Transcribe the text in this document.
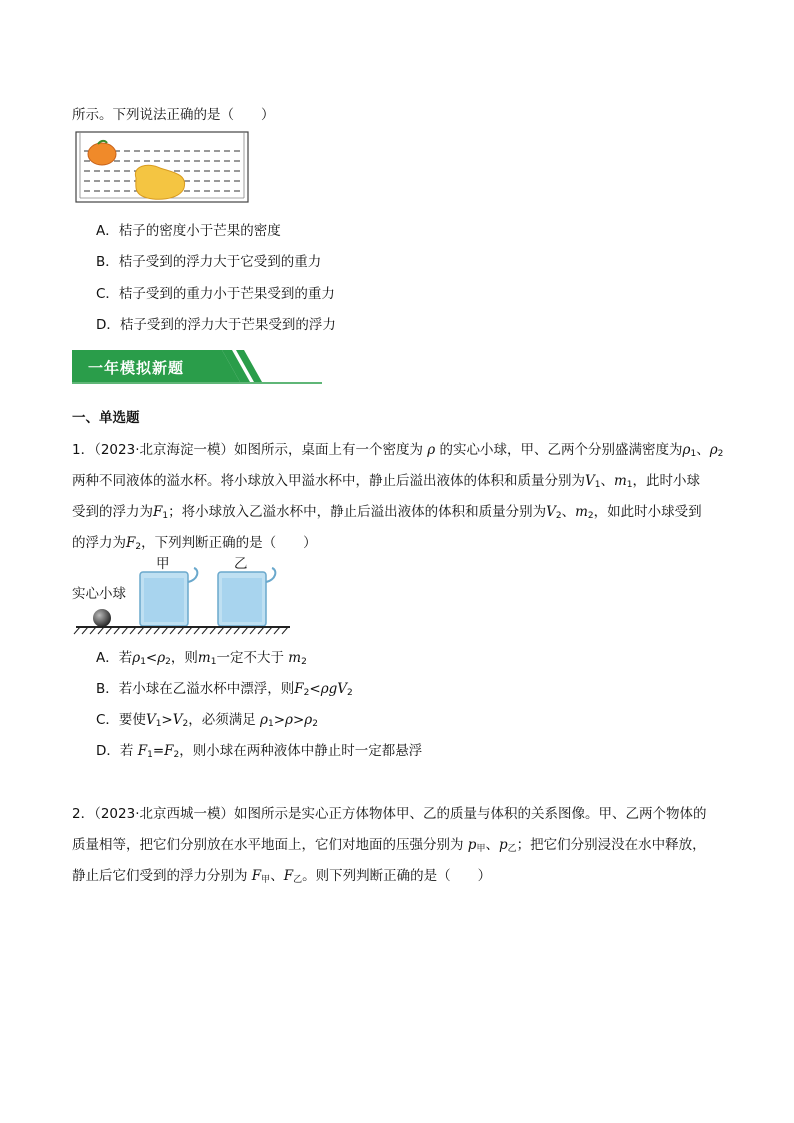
所示。下列说法正确的是（　　）
A．桔子的密度小于芒果的密度
B．桔子受到的浮力大于它受到的重力
C．桔子受到的重力小于芒果受到的重力
D．桔子受到的浮力大于芒果受到的浮力
一年模拟新题
一、单选题
1．（2023·北京海淀一模）如图所示，桌面上有一个密度为 ρ 的实心小球，甲、乙两个分别盛满密度为$\rho_1$、$\rho_2$
两种不同液体的溢水杯。将小球放入甲溢水杯中，静止后溢出液体的体积和质量分别为$V_1$、$m_1$，此时小球
受到的浮力为$F_1$；将小球放入乙溢水杯中，静止后溢出液体的体积和质量分别为$V_2$、$m_2$，如此时小球受到
的浮力为$F_2$，下列判断正确的是（　　）
甲	乙
实心小球
A．若$\rho_1<\rho_2$，则$m_1$一定不大于 $m_2$
B．若小球在乙溢水杯中漂浮，则$F_2<\rho gV_2$
C．要使$V_1>V_2$，必须满足 $\rho_1>\rho>\rho_2$
D．若 $F_1=F_2$，则小球在两种液体中静止时一定都悬浮
2．（2023·北京西城一模）如图所示是实心正方体物体甲、乙的质量与体积的关系图像。甲、乙两个物体的
质量相等，把它们分别放在水平地面上，它们对地面的压强分别为 $p_甲$、$p_乙$；把它们分别浸没在水中释放，
静止后它们受到的浮力分别为 $F_甲$、$F_乙$。则下列判断正确的是（　　）
